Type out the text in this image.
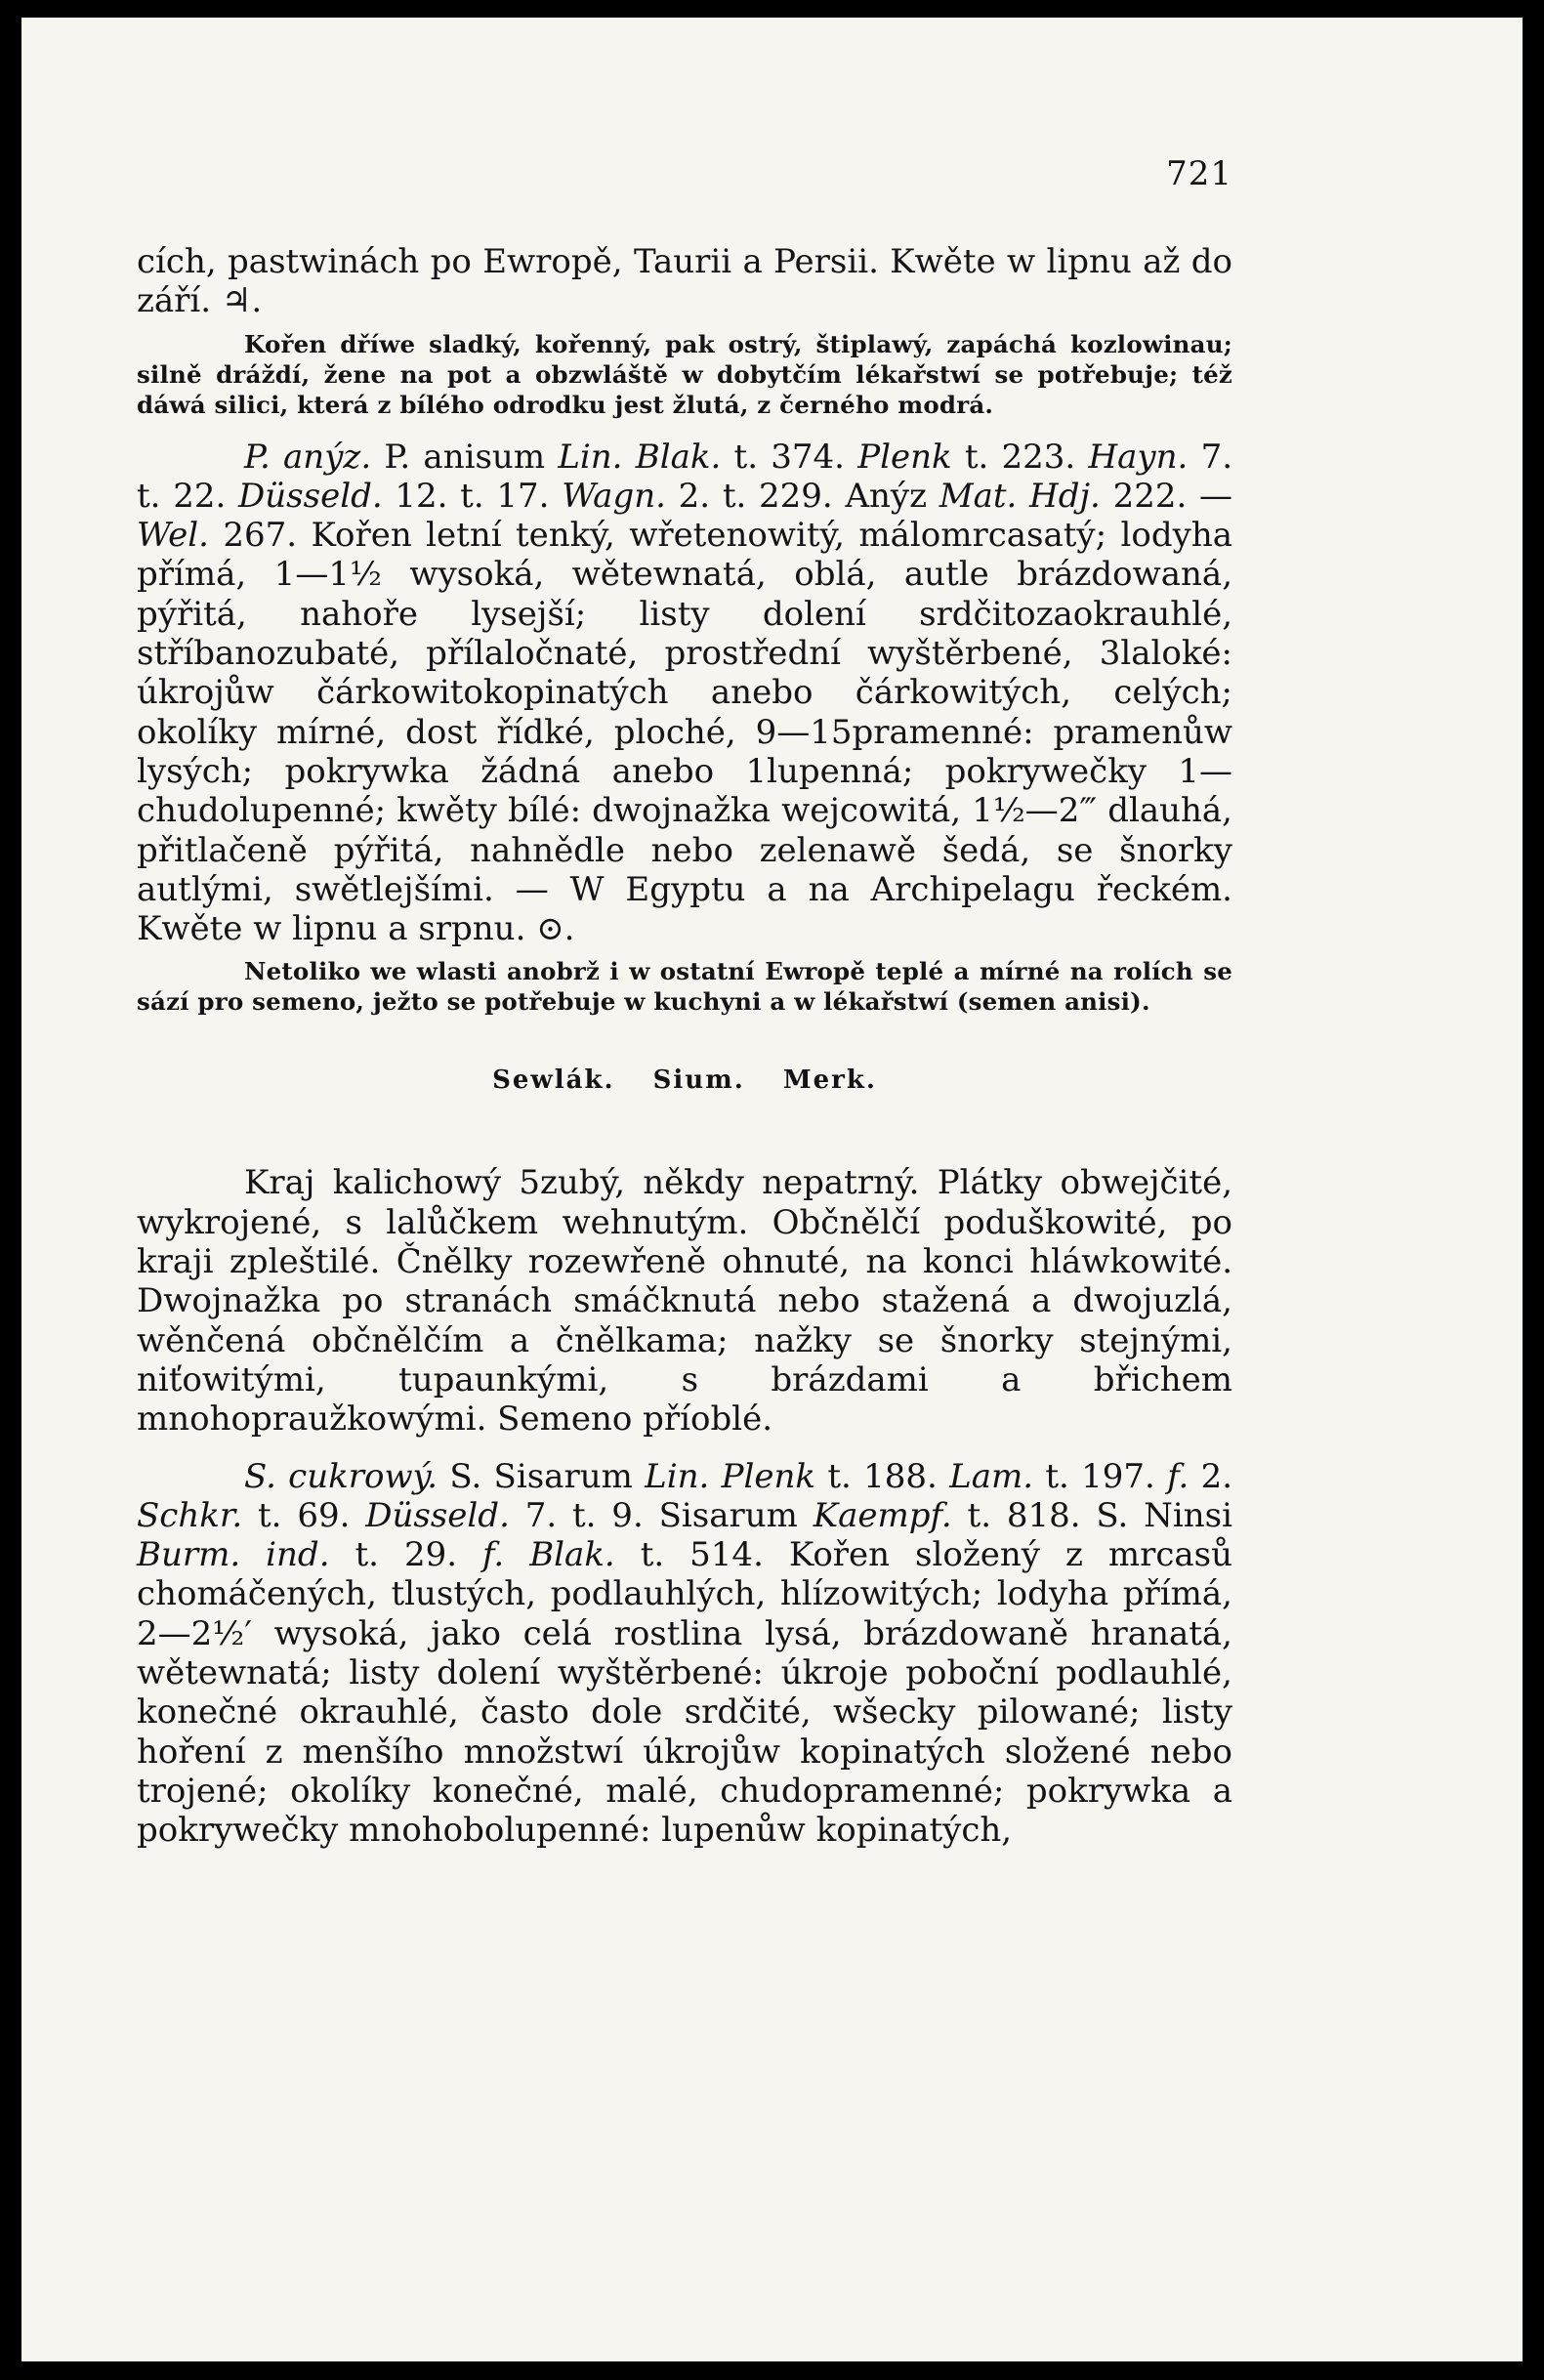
721

cích, pastwinách po Ewropě, Taurii a Persii. Kwěte w lipnu až do září. ♃.

Kořen dříwe sladký, kořenný, pak ostrý, štiplawý, zapáchá kozlowinau; silně dráždí, žene na pot a obzwláště w dobytčím lékařstwí se potřebuje; též dáwá silici, která z bílého odrodku jest žlutá, z černého modrá.

P. anýz. P. anisum Lin. Blak. t. 374. Plenk t. 223. Hayn. 7. t. 22. Düsseld. 12. t. 17. Wagn. 2. t. 229. Anýz Mat. Hdj. 222. — Wel. 267. Kořen letní tenký, wřetenowitý, málomrcasatý; lodyha přímá, 1—1½ wysoká, wětewnatá, oblá, autle brázdowaná, pýřitá, nahoře lysejší; listy dolení srdčitozaokrauhlé, stříbanozubaté, přílaločnaté, prostřední wyštěrbené, 3laloké: úkrojůw čárkowitokopinatých anebo čárkowitých, celých; okolíky mírné, dost řídké, ploché, 9—15pramenné: pramenůw lysých; pokrywka žádná anebo 1lupenná; pokrywečky 1—chudolupenné; kwěty bílé: dwojnažka wejcowitá, 1½—2‴ dlauhá, přitlačeně pýřitá, nahnědle nebo zelenawě šedá, se šnorky autlými, swětlejšími. — W Egyptu a na Archipelagu řeckém. Kwěte w lipnu a srpnu. ⊙.

Netoliko we wlasti anobrž i w ostatní Ewropě teplé a mírné na rolích se sází pro semeno, ježto se potřebuje w kuchyni a w lékařstwí (semen anisi).

Sewlák. Sium. Merk.

Kraj kalichowý 5zubý, někdy nepatrný. Plátky obwejčité, wykrojené, s lalůčkem wehnutým. Občnělčí poduškowité, po kraji zpleštilé. Čnělky rozewřeně ohnuté, na konci hláwkowité. Dwojnažka po stranách smáčknutá nebo stažená a dwojuzlá, wěnčená občnělčím a čnělkama; nažky se šnorky stejnými, niťowitými, tupaunkými, s brázdami a břichem mnohopraužkowými. Semeno příoblé.

S. cukrowý. S. Sisarum Lin. Plenk t. 188. Lam. t. 197. f. 2. Schkr. t. 69. Düsseld. 7. t. 9. Sisarum Kaempf. t. 818. S. Ninsi Burm. ind. t. 29. f. Blak. t. 514. Kořen složený z mrcasů chomáčených, tlustých, podlauhlých, hlízowitých; lodyha přímá, 2—2½′ wysoká, jako celá rostlina lysá, brázdowaně hranatá, wětewnatá; listy dolení wyštěrbené: úkroje poboční podlauhlé, konečné okrauhlé, často dole srdčité, wšecky pilowané; listy hoření z menšího množstwí úkrojůw kopinatých složené nebo trojené; okolíky konečné, malé, chudopramenné; pokrywka a pokrywečky mnohobolupenné: lupenůw kopinatých,
